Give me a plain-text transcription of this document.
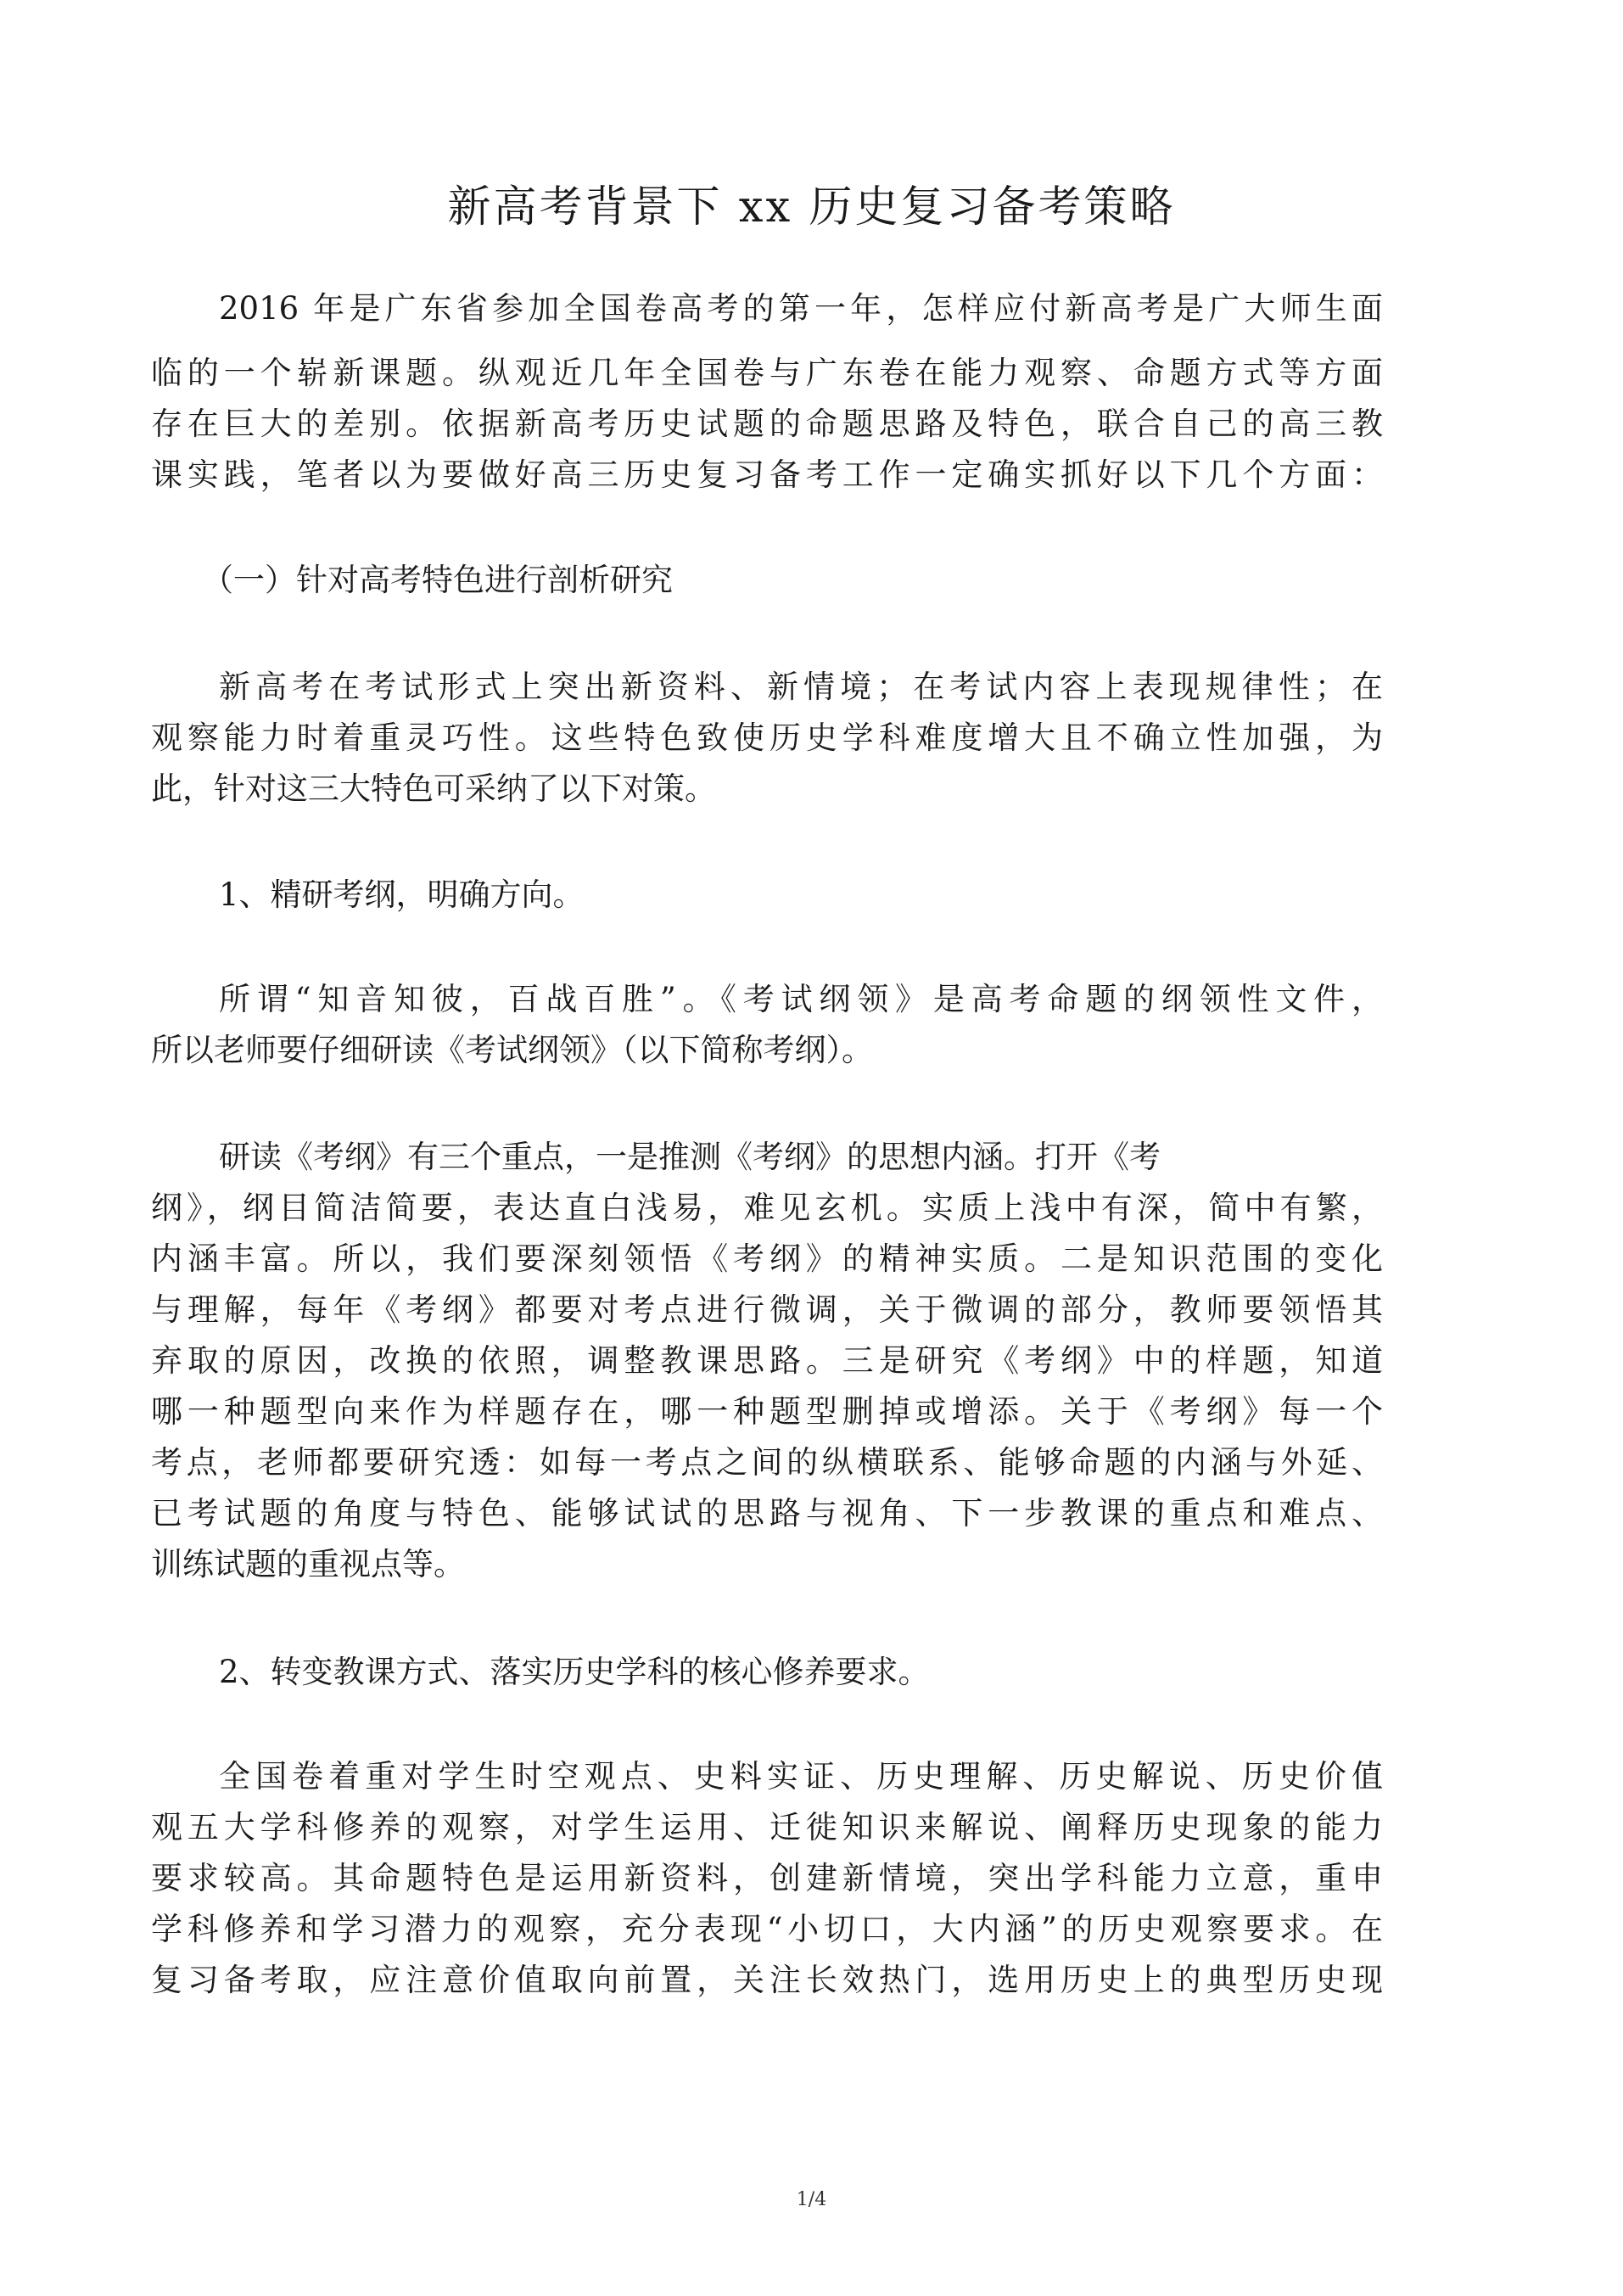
新高考背景下 xx 历史复习备考策略

2016 年是广东省参加全国卷高考的第一年，怎样应付新高考是广大师生面

临的一个崭新课题。纵观近几年全国卷与广东卷在能力观察、命题方式等方面

存在巨大的差别。依据新高考历史试题的命题思路及特色，联合自己的高三教

课实践，笔者以为要做好高三历史复习备考工作一定确实抓好以下几个方面：

（一）针对高考特色进行剖析研究

新高考在考试形式上突出新资料、新情境；在考试内容上表现规律性；在

观察能力时着重灵巧性。这些特色致使历史学科难度增大且不确立性加强，为

此，针对这三大特色可采纳了以下对策。

1、精研考纲，明确方向。

所谓“知音知彼，百战百胜”。《考试纲领》是高考命题的纲领性文件，

所以老师要仔细研读《考试纲领》（以下简称考纲）。

研读《考纲》有三个重点，一是推测《考纲》的思想内涵。打开《考

纲》，纲目简洁简要，表达直白浅易，难见玄机。实质上浅中有深，简中有繁，

内涵丰富。所以，我们要深刻领悟《考纲》的精神实质。二是知识范围的变化

与理解，每年《考纲》都要对考点进行微调，关于微调的部分，教师要领悟其

弃取的原因，改换的依照，调整教课思路。三是研究《考纲》中的样题，知道

哪一种题型向来作为样题存在，哪一种题型删掉或增添。关于《考纲》每一个

考点，老师都要研究透：如每一考点之间的纵横联系、能够命题的内涵与外延、

已考试题的角度与特色、能够试试的思路与视角、下一步教课的重点和难点、

训练试题的重视点等。

2、转变教课方式、落实历史学科的核心修养要求。

全国卷着重对学生时空观点、史料实证、历史理解、历史解说、历史价值

观五大学科修养的观察，对学生运用、迁徙知识来解说、阐释历史现象的能力

要求较高。其命题特色是运用新资料，创建新情境，突出学科能力立意，重申

学科修养和学习潜力的观察，充分表现“小切口，大内涵”的历史观察要求。在

复习备考取，应注意价值取向前置，关注长效热门，选用历史上的典型历史现

1/4
